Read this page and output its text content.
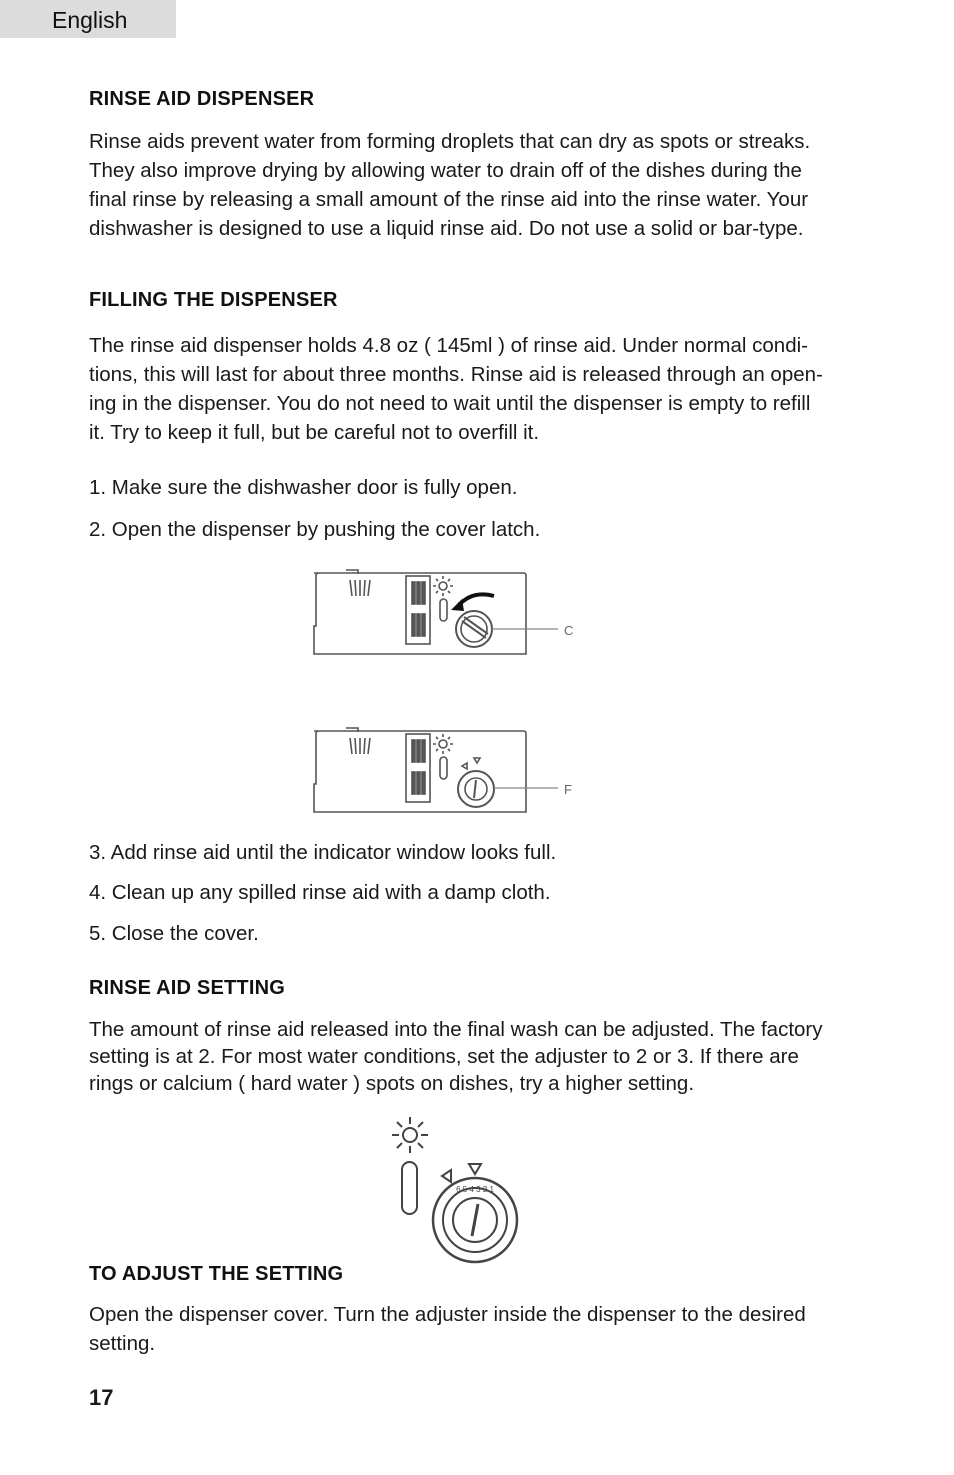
English
RINSE AID DISPENSER
Rinse aids prevent water from forming droplets that can dry as spots or streaks.
They also improve drying by allowing water to drain off of the dishes during the
final rinse by releasing a small amount of the rinse aid into the rinse water. Your
dishwasher is designed to use a liquid rinse aid. Do not use a solid or bar-type.
FILLING THE DISPENSER
The rinse aid dispenser holds 4.8 oz ( 145ml ) of rinse aid. Under normal condi-
tions, this will last for about three months. Rinse aid is released through an open-
ing in the dispenser. You do not need to wait until the dispenser is empty to refill
it. Try to keep it full, but be careful not to overfill it.
1. Make sure the dishwasher door is fully open.
2. Open the dispenser by pushing the cover latch.
C
F
3. Add rinse aid until the indicator window looks full.
4. Clean up any spilled rinse aid with a damp cloth.
5. Close the cover.
RINSE AID SETTING
The amount of rinse aid released into the final wash can be adjusted. The factory
setting is at 2. For most water conditions, set the adjuster to 2 or 3. If there are
rings or calcium ( hard water ) spots on dishes, try a higher setting.
6 5 4 3 2 1
TO ADJUST THE SETTING
Open the dispenser cover. Turn the adjuster inside the dispenser to the desired
setting.
17
